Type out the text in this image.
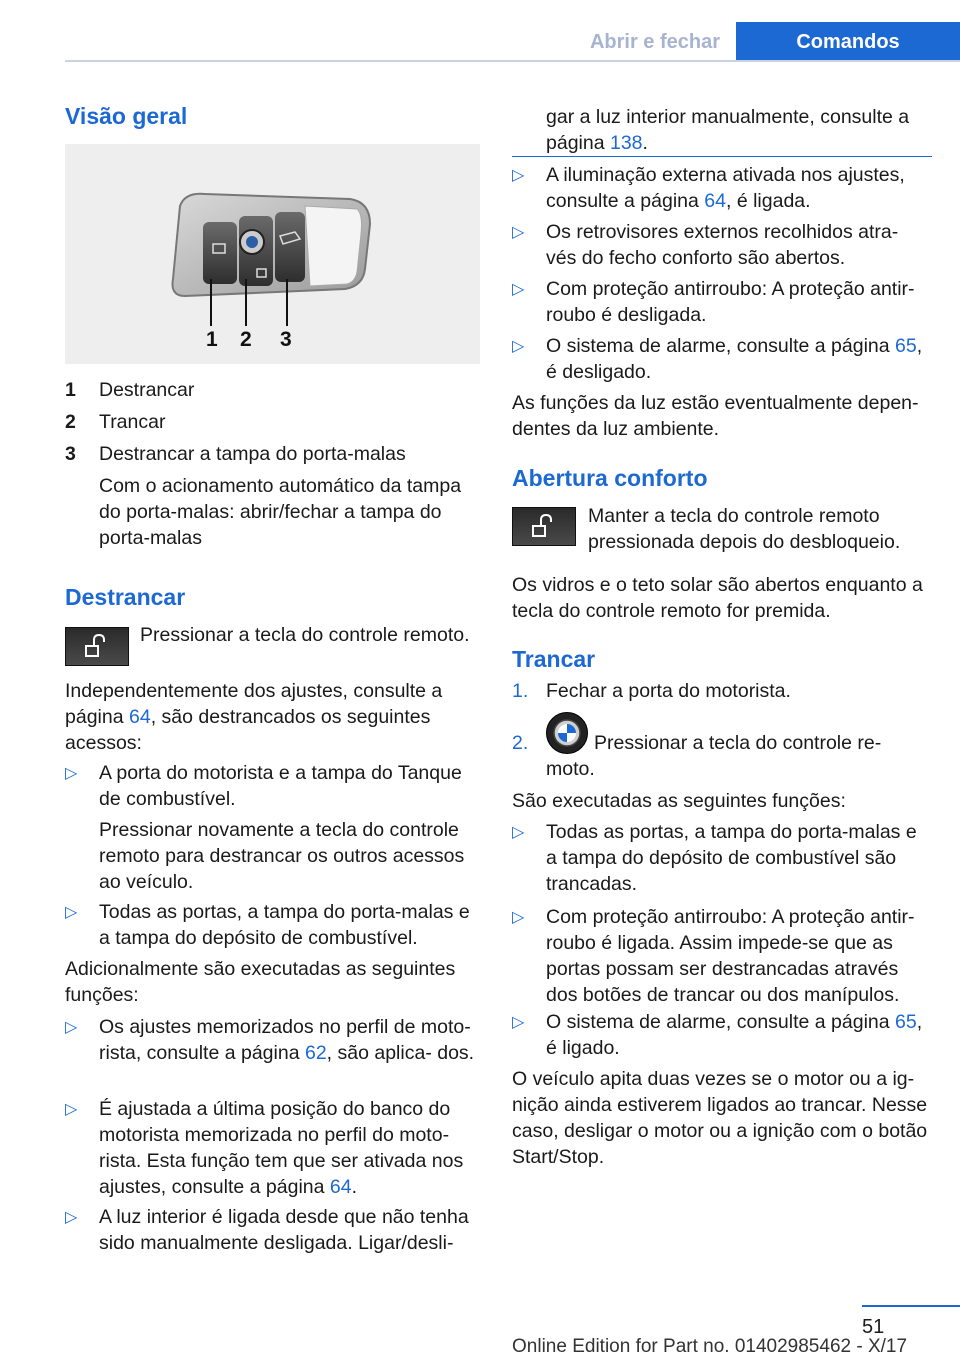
Abrir e fechar	Comandos
Visão geral
1 2 3
1 Destrancar
2 Trancar
3 Destrancar a tampa do porta-malas
Com o acionamento automático da tampa do porta-malas: abrir/fechar a tampa do porta-malas
Destrancar
Pressionar a tecla do controle remoto.
Independentemente dos ajustes, consulte a página 64, são destrancados os seguintes acessos:
▷ A porta do motorista e a tampa do Tanque de combustível.
Pressionar novamente a tecla do controle remoto para destrancar os outros acessos ao veículo.
▷ Todas as portas, a tampa do porta-malas e a tampa do depósito de combustível.
Adicionalmente são executadas as seguintes funções:
▷ Os ajustes memorizados no perfil de moto- rista, consulte a página 62, são aplica- dos.
▷ É ajustada a última posição do banco do motorista memorizada no perfil do moto- rista. Esta função tem que ser ativada nos ajustes, consulte a página 64.
▷ A luz interior é ligada desde que não tenha sido manualmente desligada. Ligar/desli-
gar a luz interior manualmente, consulte a página 138.
▷ A iluminação externa ativada nos ajustes, consulte a página 64, é ligada.
▷ Os retrovisores externos recolhidos atra- vés do fecho conforto são abertos.
▷ Com proteção antirroubo: A proteção antir- roubo é desligada.
▷ O sistema de alarme, consulte a página 65, é desligado.
As funções da luz estão eventualmente depen- dentes da luz ambiente.
Abertura conforto
Manter a tecla do controle remoto pressionada depois do desbloqueio.
Os vidros e o teto solar são abertos enquanto a tecla do controle remoto for premida.
Trancar
1. Fechar a porta do motorista.
2.	Pressionar a tecla do controle re- moto.
São executadas as seguintes funções:
▷ Todas as portas, a tampa do porta-malas e a tampa do depósito de combustível são trancadas.
▷ Com proteção antirroubo: A proteção antir- roubo é ligada. Assim impede-se que as portas possam ser destrancadas através dos botões de trancar ou dos manípulos.
▷ O sistema de alarme, consulte a página 65, é ligado.
O veículo apita duas vezes se o motor ou a ig- nição ainda estiverem ligados ao trancar. Nesse caso, desligar o motor ou a ignição com o botão Start/Stop.
51
Online Edition for Part no. 01402985462 - X/17
